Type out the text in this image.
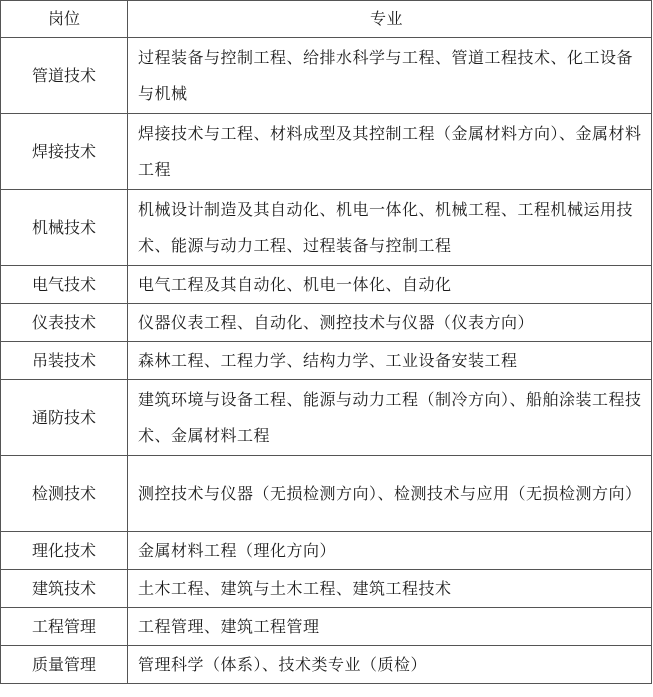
岗位	专业
管道技术	过程装备与控制工程、给排水科学与工程、管道工程技术、化工设备与机械
焊接技术	焊接技术与工程、材料成型及其控制工程（金属材料方向）、金属材料工程
机械技术	机械设计制造及其自动化、机电一体化、机械工程、工程机械运用技术、能源与动力工程、过程装备与控制工程
电气技术	电气工程及其自动化、机电一体化、自动化
仪表技术	仪器仪表工程、自动化、测控技术与仪器（仪表方向）
吊装技术	森林工程、工程力学、结构力学、工业设备安装工程
通防技术	建筑环境与设备工程、能源与动力工程（制冷方向）、船舶涂装工程技术、金属材料工程
检测技术	测控技术与仪器（无损检测方向）、检测技术与应用（无损检测方向）
理化技术	金属材料工程（理化方向）
建筑技术	土木工程、建筑与土木工程、建筑工程技术
工程管理	工程管理、建筑工程管理
质量管理	管理科学（体系）、技术类专业（质检）
